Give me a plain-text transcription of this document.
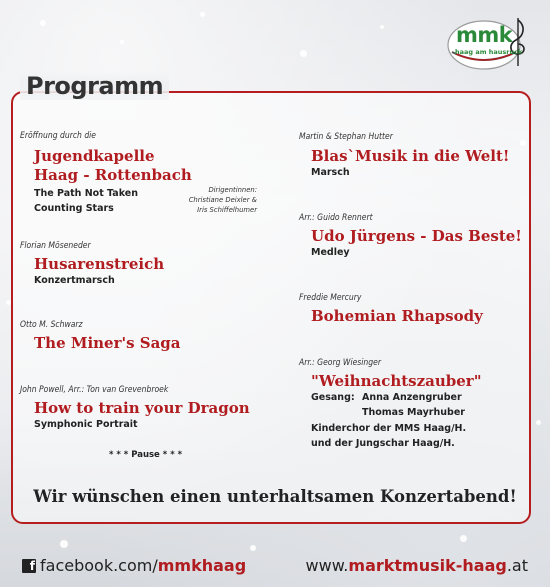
mmk
haag am hausruck
Programm
Eröffnung durch die
Jugendkapelle
Haag - Rottenbach
The Path Not Taken
Counting Stars
Dirigentinnen:
Christiane Deixler &
Iris Schiffelhumer
Florian Möseneder
Husarenstreich
Konzertmarsch
Otto M. Schwarz
The Miner's Saga
John Powell, Arr.: Ton van Grevenbroek
How to train your Dragon
Symphonic Portrait
* * * Pause * * *
Martin & Stephan Hutter
Blas`Musik in die Welt!
Marsch
Arr.: Guido Rennert
Udo Jürgens - Das Beste!
Medley
Freddie Mercury
Bohemian Rhapsody
Arr.: Georg Wiesinger
"Weihnachtszauber"
Gesang: Anna Anzengruber
Thomas Mayrhuber
Kinderchor der MMS Haag/H.
und der Jungschar Haag/H.
Wir wünschen einen unterhaltsamen Konzertabend!
f facebook.com/ mmkhaag	www.marktmusik-haag.at
